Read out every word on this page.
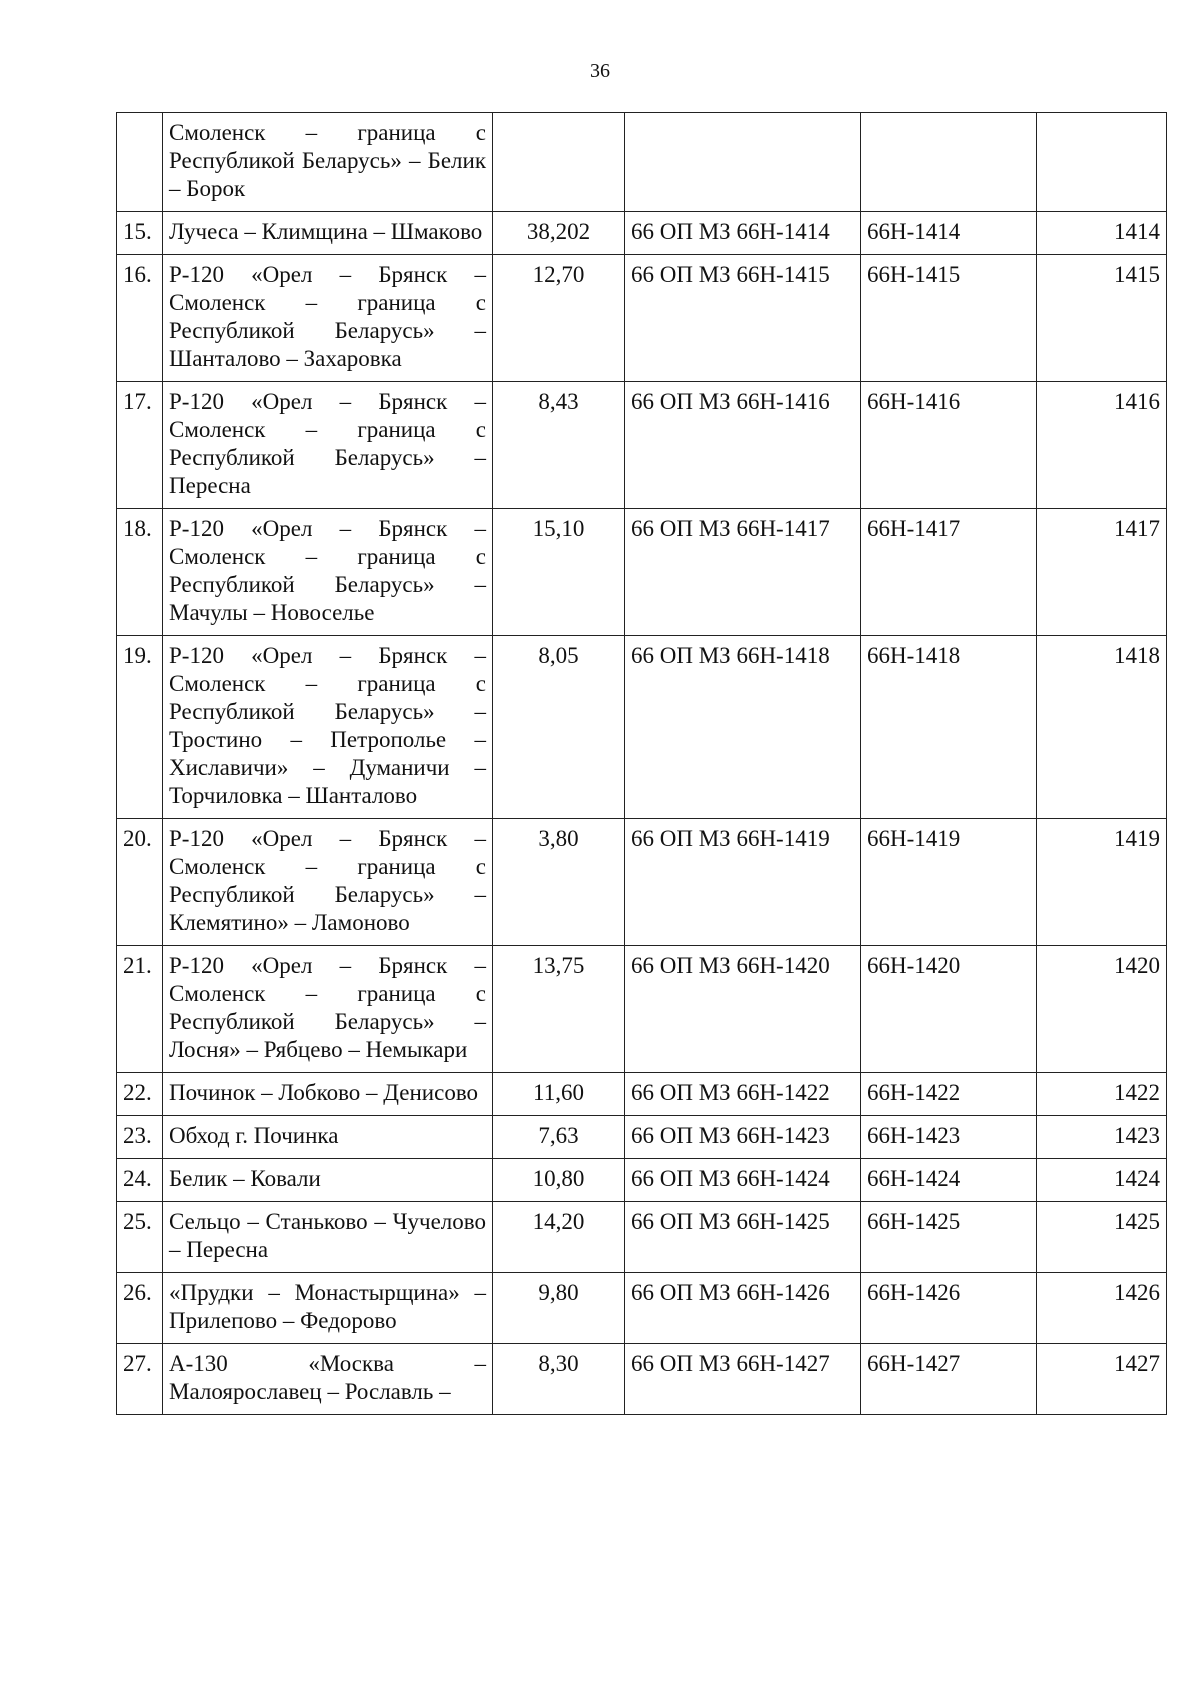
36
	Смоленск – граница с Республикой Беларусь» – Белик – Борок				
15.	Лучеса – Климщина – Шмаково	38,202	66 ОП МЗ 66Н-1414	66Н-1414	1414
16.	Р-120 «Орел – Брянск – Смоленск – граница с Республикой Беларусь» – Шанталово – Захаровка	12,70	66 ОП МЗ 66Н-1415	66Н-1415	1415
17.	Р-120 «Орел – Брянск – Смоленск – граница с Республикой Беларусь» – Пересна	8,43	66 ОП МЗ 66Н-1416	66Н-1416	1416
18.	Р-120 «Орел – Брянск – Смоленск – граница с Республикой Беларусь» – Мачулы – Новоселье	15,10	66 ОП МЗ 66Н-1417	66Н-1417	1417
19.	Р-120 «Орел – Брянск – Смоленск – граница с Республикой Беларусь» – Тростино – Петрополье – Хиславичи» – Думаничи – Торчиловка – Шанталово	8,05	66 ОП МЗ 66Н-1418	66Н-1418	1418
20.	Р-120 «Орел – Брянск – Смоленск – граница с Республикой Беларусь» – Клемятино» – Ламоново	3,80	66 ОП МЗ 66Н-1419	66Н-1419	1419
21.	Р-120 «Орел – Брянск – Смоленск – граница с Республикой Беларусь» – Лосня» – Рябцево – Немыкари	13,75	66 ОП МЗ 66Н-1420	66Н-1420	1420
22.	Починок – Лобково – Денисово	11,60	66 ОП МЗ 66Н-1422	66Н-1422	1422
23.	Обход г. Починка	7,63	66 ОП МЗ 66Н-1423	66Н-1423	1423
24.	Белик – Ковали	10,80	66 ОП МЗ 66Н-1424	66Н-1424	1424
25.	Сельцо – Станьково – Чучелово – Пересна	14,20	66 ОП МЗ 66Н-1425	66Н-1425	1425
26.	«Прудки – Монастырщина» – Прилепово – Федорово	9,80	66 ОП МЗ 66Н-1426	66Н-1426	1426
27.	А-130 «Москва – Малоярославец – Рославль –	8,30	66 ОП МЗ 66Н-1427	66Н-1427	1427
